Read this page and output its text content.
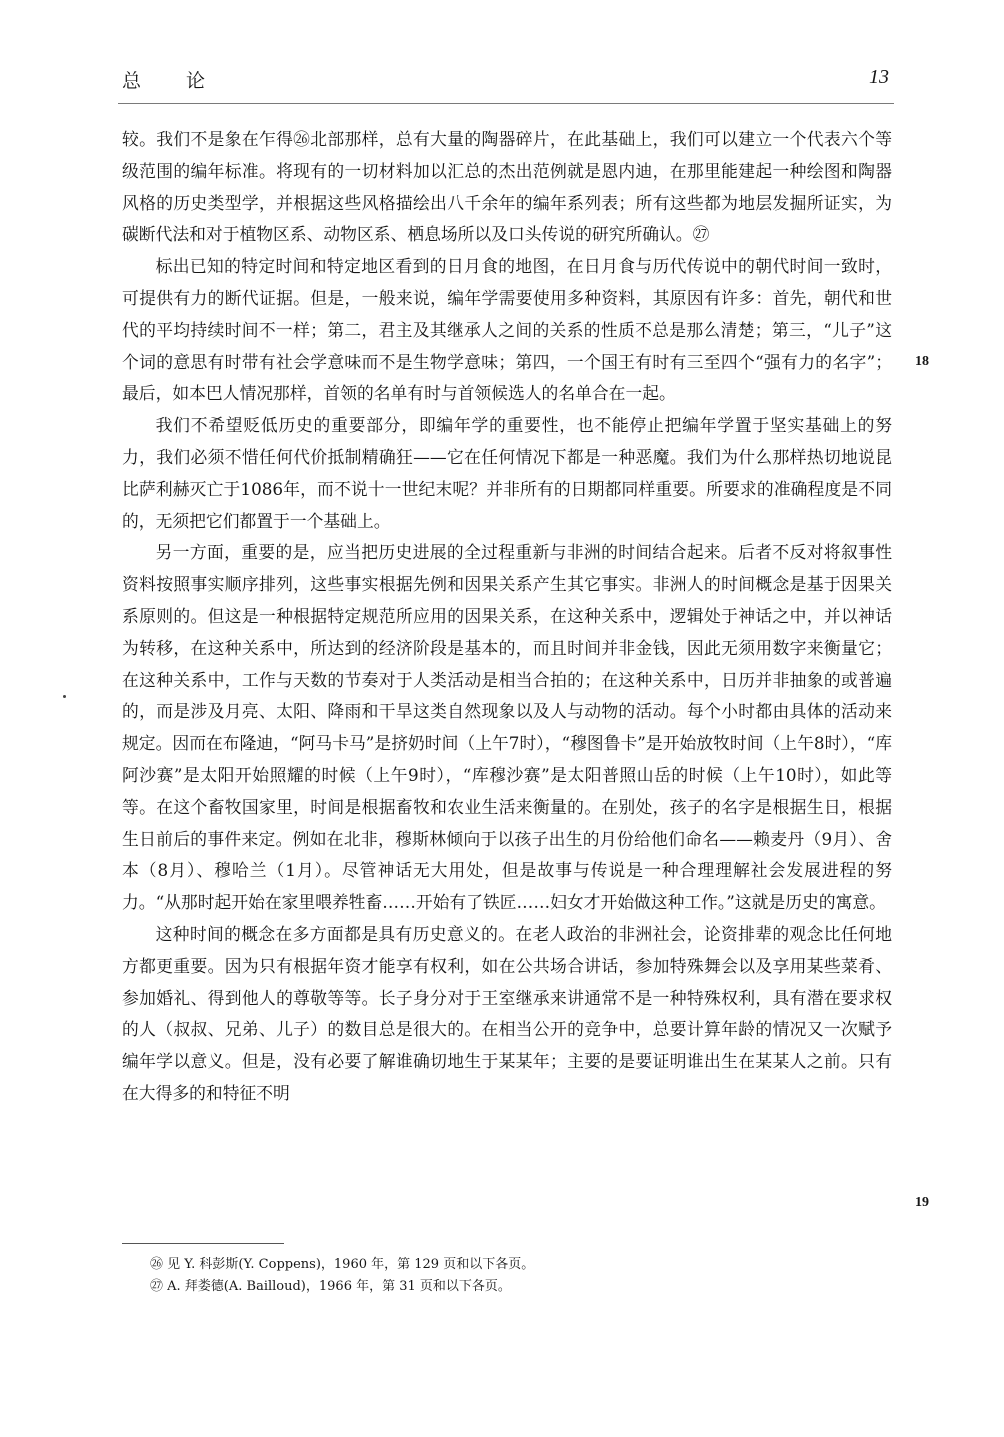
总 论	13

较。我们不是象在乍得㉖北部那样，总有大量的陶器碎片，在此基础上，我们可以建立一个代表六个等级范围的编年标准。将现有的一切材料加以汇总的杰出范例就是恩内迪，在那里能建起一种绘图和陶器风格的历史类型学，并根据这些风格描绘出八千余年的编年系列表；所有这些都为地层发掘所证实，为碳断代法和对于植物区系、动物区系、栖息场所以及口头传说的研究所确认。㉗

标出已知的特定时间和特定地区看到的日月食的地图，在日月食与历代传说中的朝代时间一致时，可提供有力的断代证据。但是，一般来说，编年学需要使用多种资料，其原因有许多：首先，朝代和世代的平均持续时间不一样；第二，君主及其继承人之间的关系的性质不总是那么清楚；第三，“儿子”这个词的意思有时带有社会学意味而不是生物学意味；第四，一个国王有时有三至四个“强有力的名字”；最后，如本巴人情况那样，首领的名单有时与首领候选人的名单合在一起。

我们不希望贬低历史的重要部分，即编年学的重要性，也不能停止把编年学置于坚实基础上的努力，我们必须不惜任何代价抵制精确狂——它在任何情况下都是一种恶魔。我们为什么那样热切地说昆比萨利赫灭亡于1086年，而不说十一世纪末呢？并非所有的日期都同样重要。所要求的准确程度是不同的，无须把它们都置于一个基础上。

另一方面，重要的是，应当把历史进展的全过程重新与非洲的时间结合起来。后者不反对将叙事性资料按照事实顺序排列，这些事实根据先例和因果关系产生其它事实。非洲人的时间概念是基于因果关系原则的。但这是一种根据特定规范所应用的因果关系，在这种关系中，逻辑处于神话之中，并以神话为转移，在这种关系中，所达到的经济阶段是基本的，而且时间并非金钱，因此无须用数字来衡量它；在这种关系中，工作与天数的节奏对于人类活动是相当合拍的；在这种关系中，日历并非抽象的或普遍的，而是涉及月亮、太阳、降雨和干旱这类自然现象以及人与动物的活动。每个小时都由具体的活动来规定。因而在布隆迪，“阿马卡马”是挤奶时间（上午7时），“穆图鲁卡”是开始放牧时间（上午8时），“库阿沙赛”是太阳开始照耀的时候（上午9时），“库穆沙赛”是太阳普照山岳的时候（上午10时），如此等等。在这个畜牧国家里，时间是根据畜牧和农业生活来衡量的。在别处，孩子的名字是根据生日，根据生日前后的事件来定。例如在北非，穆斯林倾向于以孩子出生的月份给他们命名——赖麦丹（9月）、舍本（8月）、穆哈兰（1月）。尽管神话无大用处，但是故事与传说是一种合理理解社会发展进程的努力。“从那时起开始在家里喂养牲畜……开始有了铁匠……妇女才开始做这种工作。”这就是历史的寓意。

这种时间的概念在多方面都是具有历史意义的。在老人政治的非洲社会，论资排辈的观念比任何地方都更重要。因为只有根据年资才能享有权利，如在公共场合讲话，参加特殊舞会以及享用某些菜肴、参加婚礼、得到他人的尊敬等等。长子身分对于王室继承来讲通常不是一种特殊权利，具有潜在要求权的人（叔叔、兄弟、儿子）的数目总是很大的。在相当公开的竞争中，总要计算年龄的情况又一次赋予编年学以意义。但是，没有必要了解谁确切地生于某某年；主要的是要证明谁出生在某某人之前。只有在大得多的和特征不明

18
19

㉖ 见 Y. 科彭斯(Y. Coppens)，1960 年，第 129 页和以下各页。

㉗ A. 拜娄德(A. Bailloud)，1966 年，第 31 页和以下各页。
